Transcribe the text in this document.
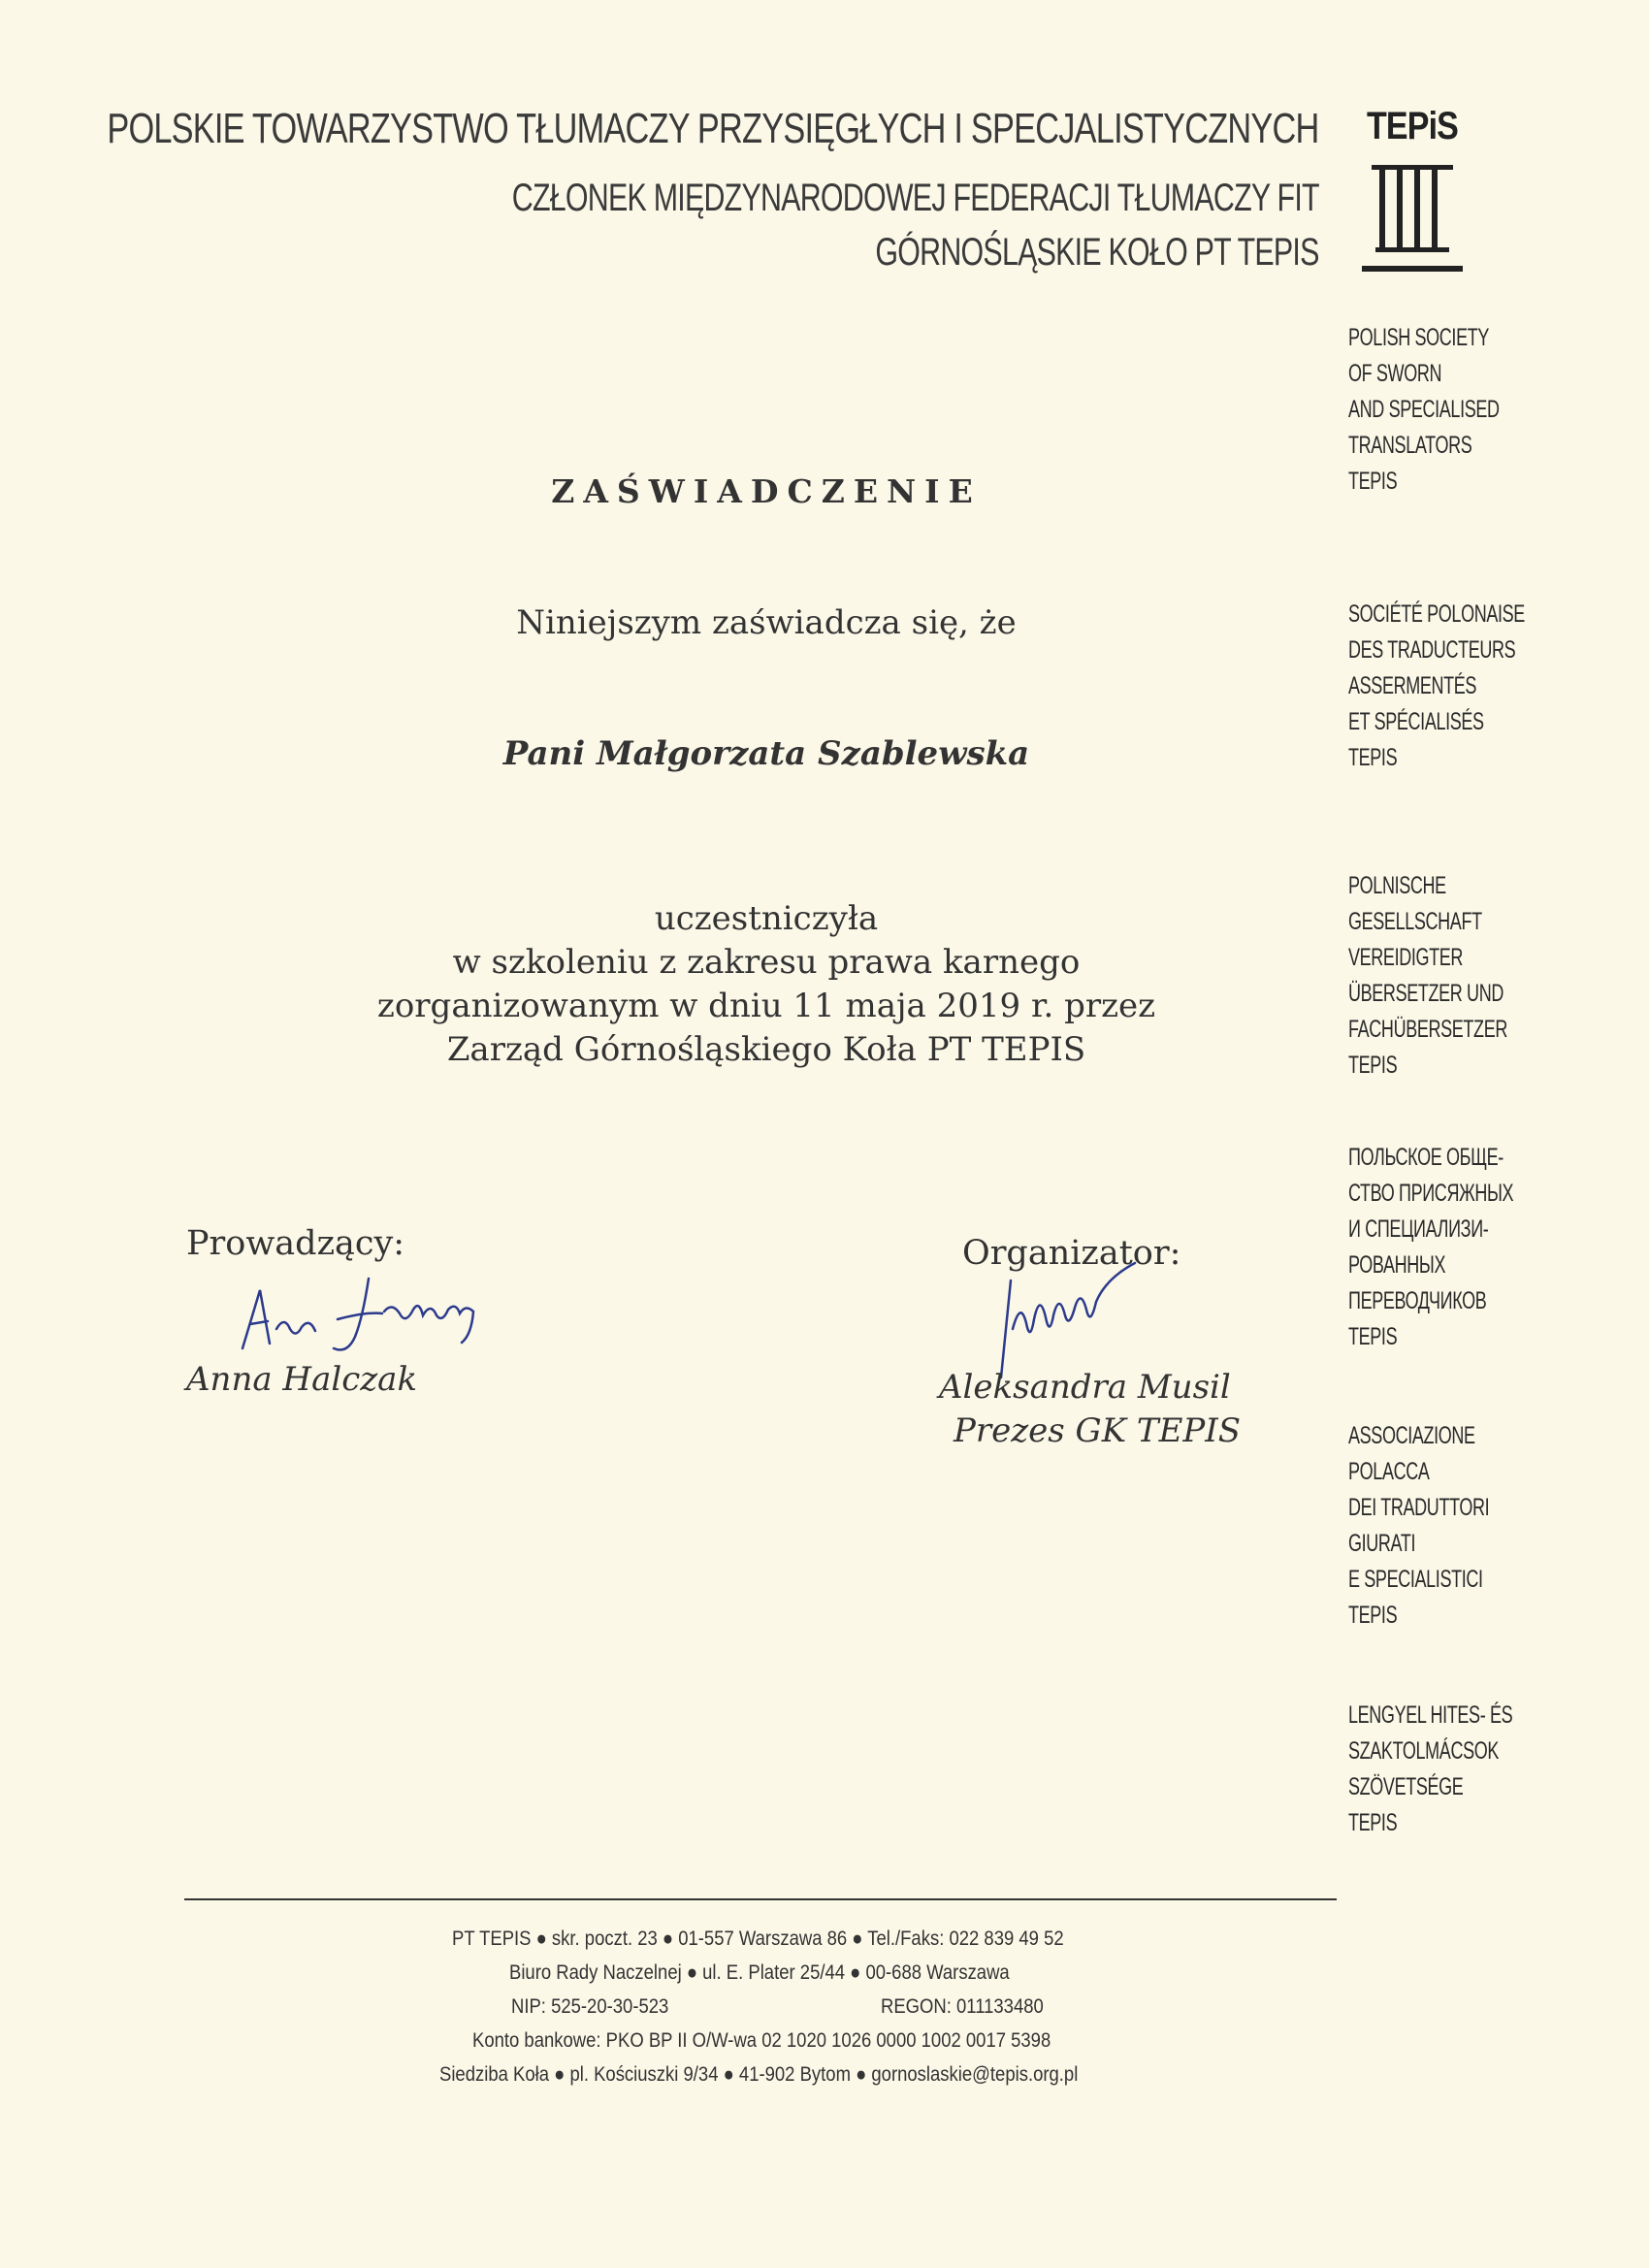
POLSKIE TOWARZYSTWO TŁUMACZY PRZYSIĘGŁYCH I SPECJALISTYCZNYCH
CZŁONEK MIĘDZYNARODOWEJ FEDERACJI TŁUMACZY FIT
GÓRNOŚLĄSKIE KOŁO PT TEPIS
TEPiS
POLISH SOCIETY
OF SWORN
AND SPECIALISED
TRANSLATORS
TEPIS
SOCIÉTÉ POLONAISE
DES TRADUCTEURS
ASSERMENTÉS
ET SPÉCIALISÉS
TEPIS
POLNISCHE
GESELLSCHAFT
VEREIDIGTER
ÜBERSETZER UND
FACHÜBERSETZER
TEPIS
ПОЛЬСКОЕ ОБЩЕ-
СТВО ПРИСЯЖНЫХ
И СПЕЦИАЛИЗИ-
РОВАННЫХ
ПЕРЕВОДЧИКОВ
TEPIS
ASSOCIAZIONE
POLACCA
DEI TRADUTTORI
GIURATI
E SPECIALISTICI
TEPIS
LENGYEL HITES- ÉS
SZAKTOLMÁCSOK
SZÖVETSÉGE
TEPIS
ZAŚWIADCZENIE
Niniejszym zaświadcza się, że
Pani Małgorzata Szablewska
uczestniczyła
w szkoleniu z zakresu prawa karnego
zorganizowanym w dniu 11 maja 2019 r. przez
Zarząd Górnośląskiego Koła PT TEPIS
Prowadzący:
Anna Halczak
Organizator:
Aleksandra Musil
Prezes GK TEPIS
PT TEPIS ● skr. poczt. 23 ● 01-557 Warszawa 86 ● Tel./Faks: 022 839 49 52
Biuro Rady Naczelnej ● ul. E. Plater 25/44 ● 00-688 Warszawa
NIP: 525-20-30-523	REGON: 011133480
Konto bankowe: PKO BP II O/W-wa 02 1020 1026 0000 1002 0017 5398
Siedziba Koła ● pl. Kościuszki 9/34 ● 41-902 Bytom ● gornoslaskie@tepis.org.pl
